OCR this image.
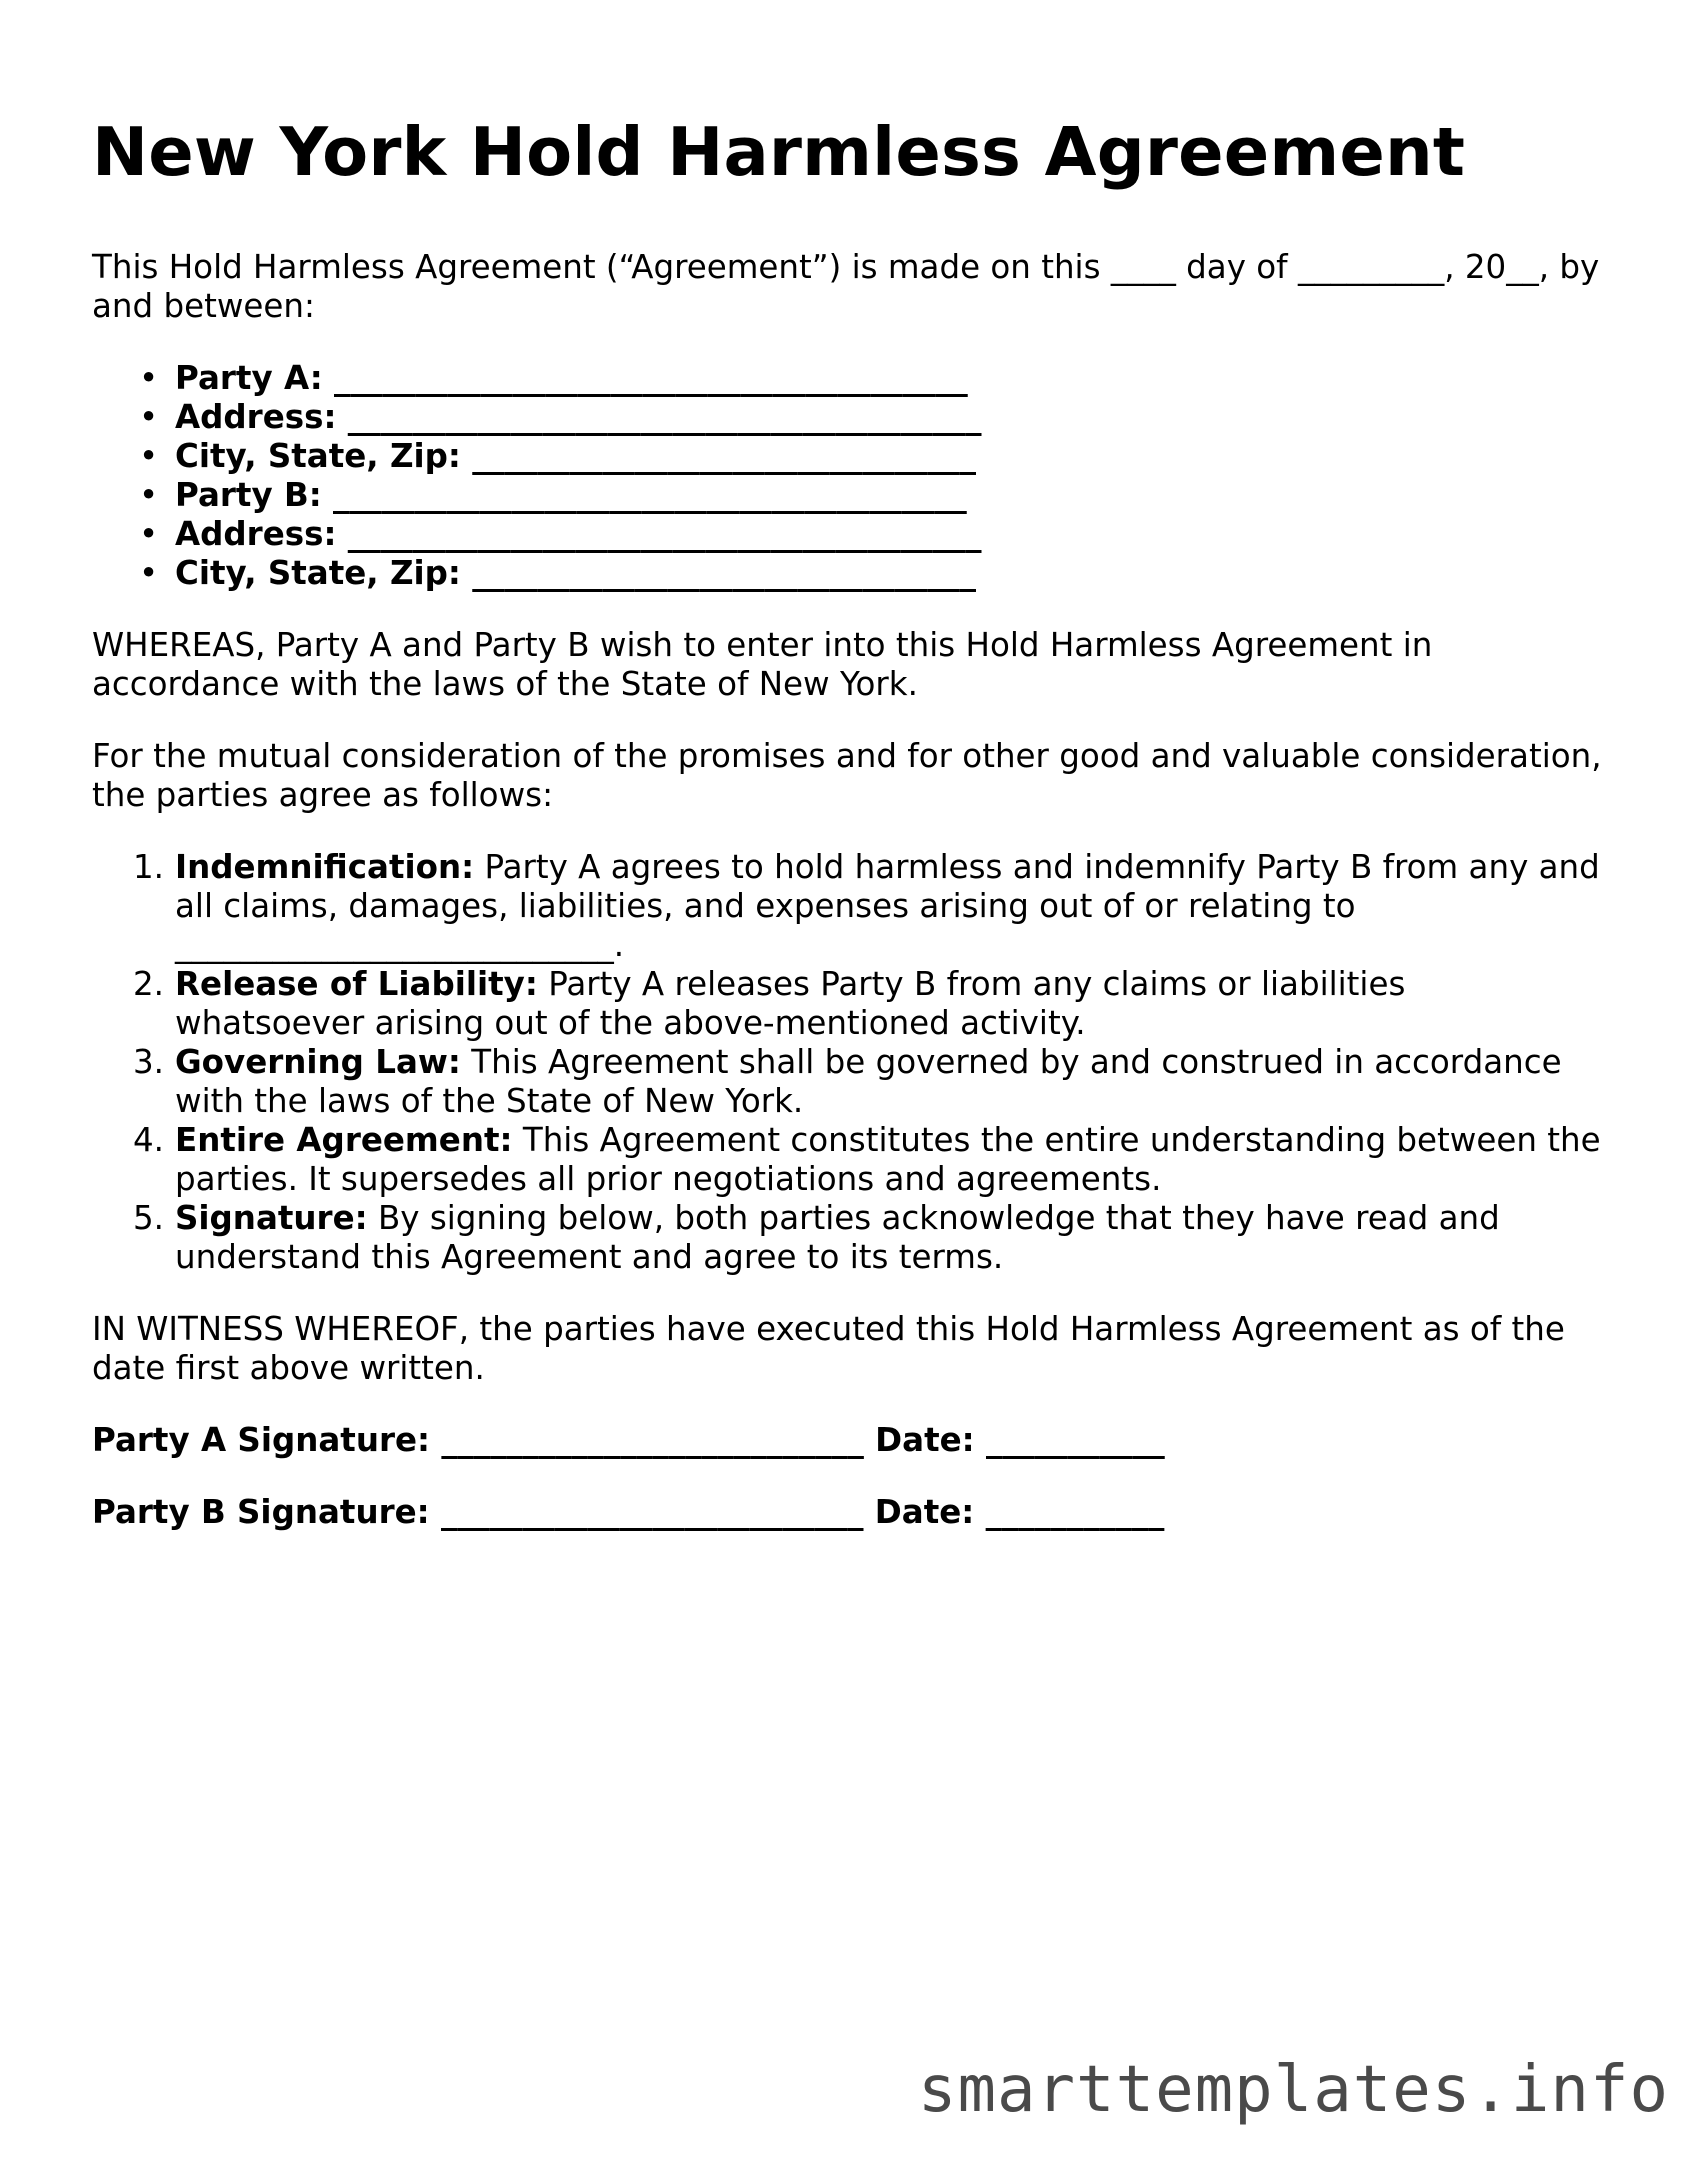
New York Hold Harmless Agreement

This Hold Harmless Agreement (“Agreement”) is made on this ____ day of _________, 20__, by and between:

• Party A: _______________________________________
• Address: _______________________________________
• City, State, Zip: _______________________________
• Party B: _______________________________________
• Address: _______________________________________
• City, State, Zip: _______________________________

WHEREAS, Party A and Party B wish to enter into this Hold Harmless Agreement in accordance with the laws of the State of New York.

For the mutual consideration of the promises and for other good and valuable consideration, the parties agree as follows:

1. Indemnification: Party A agrees to hold harmless and indemnify Party B from any and all claims, damages, liabilities, and expenses arising out of or relating to ___________________________.
2. Release of Liability: Party A releases Party B from any claims or liabilities whatsoever arising out of the above-mentioned activity.
3. Governing Law: This Agreement shall be governed by and construed in accordance with the laws of the State of New York.
4. Entire Agreement: This Agreement constitutes the entire understanding between the parties. It supersedes all prior negotiations and agreements.
5. Signature: By signing below, both parties acknowledge that they have read and understand this Agreement and agree to its terms.

IN WITNESS WHEREOF, the parties have executed this Hold Harmless Agreement as of the date first above written.

Party A Signature: __________________________ Date: ___________
Party B Signature: __________________________ Date: ___________
smarttemplates.info
